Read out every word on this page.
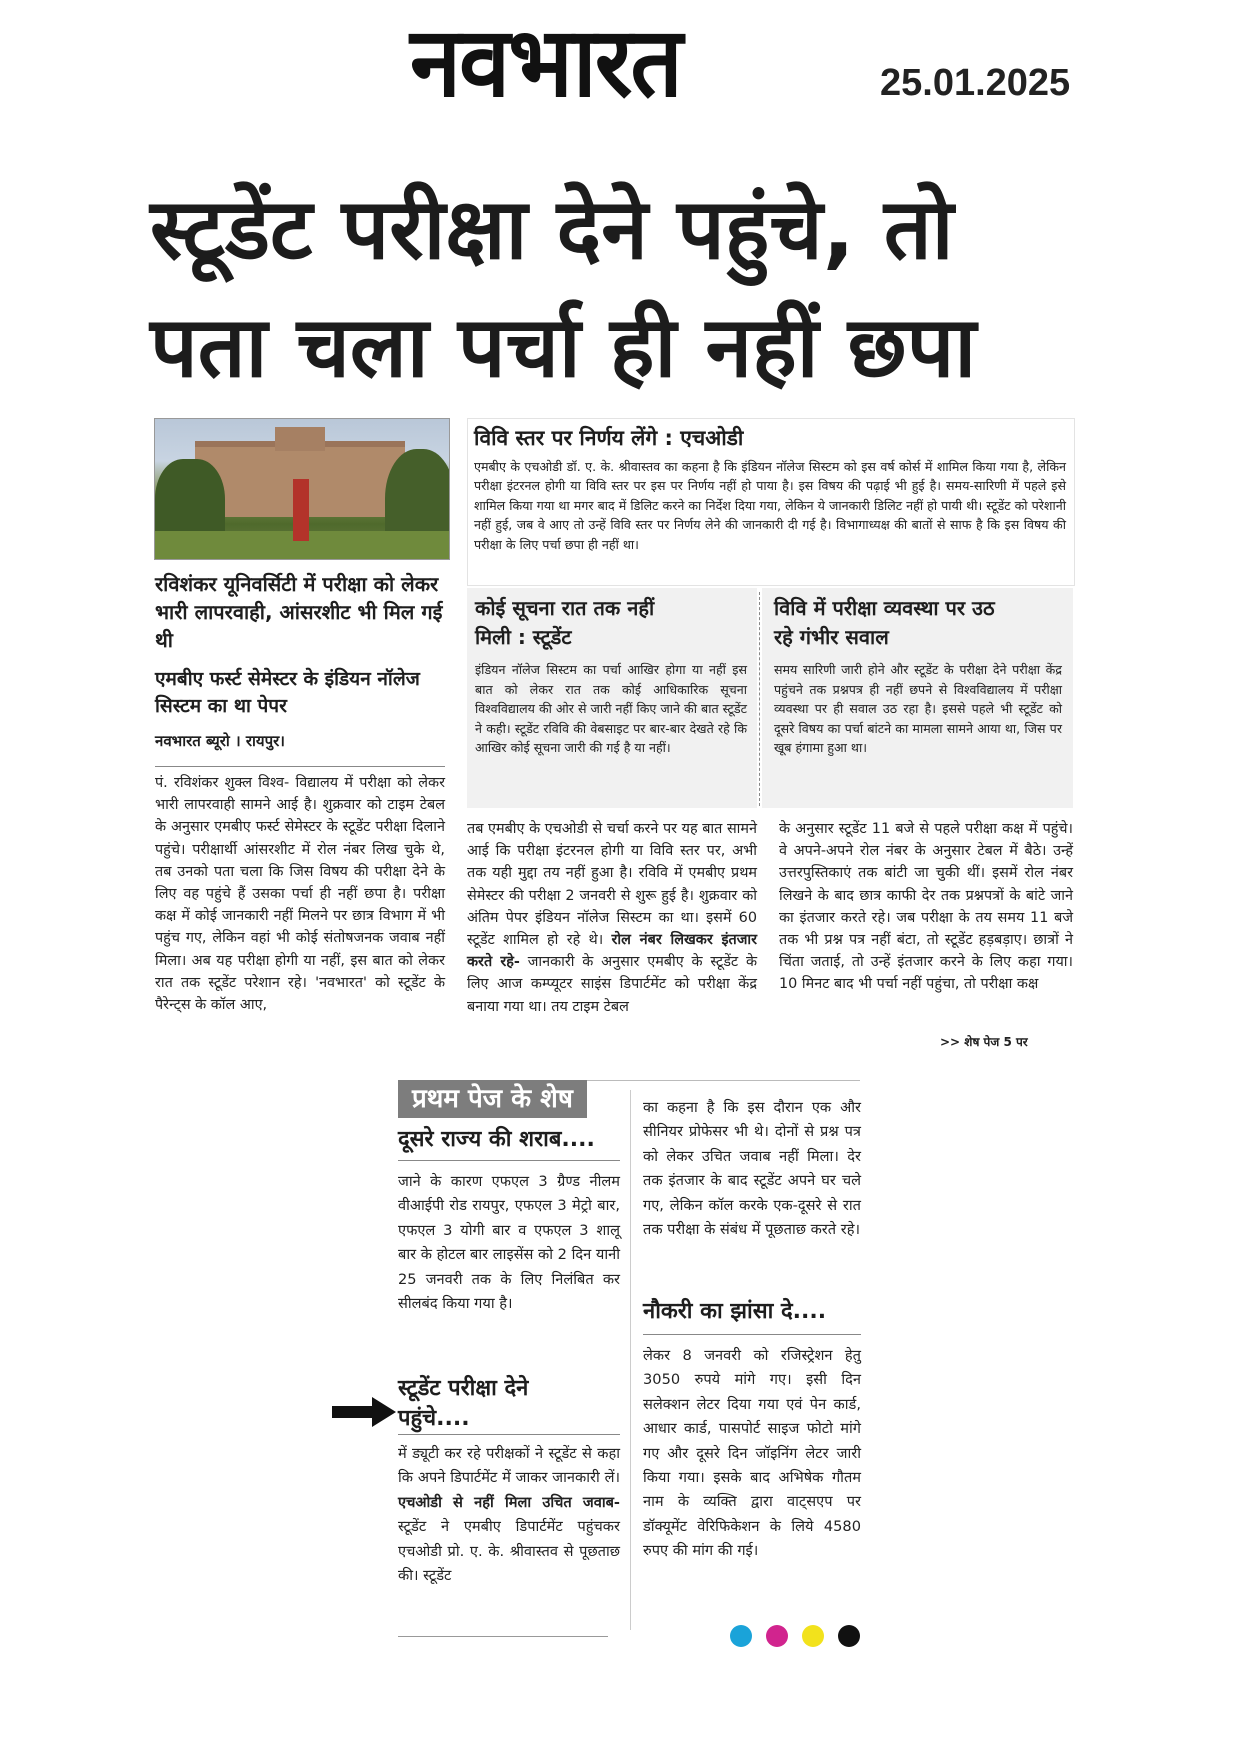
नवभारत	25.01.2025
स्टूडेंट परीक्षा देने पहुंचे, तो
पता चला पर्चा ही नहीं छपा
रविशंकर यूनिवर्सिटी में परीक्षा को लेकर भारी लापरवाही, आंसरशीट भी मिल गई थी
एमबीए फर्स्ट सेमेस्टर के इंडियन नॉलेज सिस्टम का था पेपर
नवभारत ब्यूरो । रायपुर।
विवि स्तर पर निर्णय लेंगे : एचओडी
एमबीए के एचओडी डॉ. ए. के. श्रीवास्तव का कहना है कि इंडियन नॉलेज सिस्टम को इस वर्ष कोर्स में शामिल किया गया है, लेकिन परीक्षा इंटरनल होगी या विवि स्तर पर इस पर निर्णय नहीं हो पाया है। इस विषय की पढ़ाई भी हुई है। समय-सारिणी में पहले इसे शामिल किया गया था मगर बाद में डिलिट करने का निर्देश दिया गया, लेकिन ये जानकारी डिलिट नहीं हो पायी थी। स्टूडेंट को परेशानी नहीं हुई, जब वे आए तो उन्हें विवि स्तर पर निर्णय लेने की जानकारी दी गई है। विभागाध्यक्ष की बातों से साफ है कि इस विषय की परीक्षा के लिए पर्चा छपा ही नहीं था।
कोई सूचना रात तक नहीं मिली : स्टूडेंट
इंडियन नॉलेज सिस्टम का पर्चा आखिर होगा या नहीं इस बात को लेकर रात तक कोई आधिकारिक सूचना विश्वविद्यालय की ओर से जारी नहीं किए जाने की बात स्टूडेंट ने कही। स्टूडेंट रविवि की वेबसाइट पर बार-बार देखते रहे कि आखिर कोई सूचना जारी की गई है या नहीं।
विवि में परीक्षा व्यवस्था पर उठ रहे गंभीर सवाल
समय सारिणी जारी होने और स्टूडेंट के परीक्षा देने परीक्षा केंद्र पहुंचने तक प्रश्नपत्र ही नहीं छपने से विश्वविद्यालय में परीक्षा व्यवस्था पर ही सवाल उठ रहा है। इससे पहले भी स्टूडेंट को दूसरे विषय का पर्चा बांटने का मामला सामने आया था, जिस पर खूब हंगामा हुआ था।
पं. रविशंकर शुक्ल विश्व- विद्यालय में परीक्षा को लेकर भारी लापरवाही सामने आई है। शुक्रवार को टाइम टेबल के अनुसार एमबीए फर्स्ट सेमेस्टर के स्टूडेंट परीक्षा दिलाने पहुंचे। परीक्षार्थी आंसरशीट में रोल नंबर लिख चुके थे, तब उनको पता चला कि जिस विषय की परीक्षा देने के लिए वह पहुंचे हैं उसका पर्चा ही नहीं छपा है। परीक्षा कक्ष में कोई जानकारी नहीं मिलने पर छात्र विभाग में भी पहुंच गए, लेकिन वहां भी कोई संतोषजनक जवाब नहीं मिला। अब यह परीक्षा होगी या नहीं, इस बात को लेकर रात तक स्टूडेंट परेशान रहे। 'नवभारत' को स्टूडेंट के पैरेन्ट्स के कॉल आए,
तब एमबीए के एचओडी से चर्चा करने पर यह बात सामने आई कि परीक्षा इंटरनल होगी या विवि स्तर पर, अभी तक यही मुद्दा तय नहीं हुआ है। रविवि में एमबीए प्रथम सेमेस्टर की परीक्षा 2 जनवरी से शुरू हुई है। शुक्रवार को अंतिम पेपर इंडियन नॉलेज सिस्टम का था। इसमें 60 स्टूडेंट शामिल हो रहे थे। रोल नंबर लिखकर इंतजार करते रहे- जानकारी के अनुसार एमबीए के स्टूडेंट के लिए आज कम्प्यूटर साइंस डिपार्टमेंट को परीक्षा केंद्र बनाया गया था। तय टाइम टेबल
के अनुसार स्टूडेंट 11 बजे से पहले परीक्षा कक्ष में पहुंचे। वे अपने-अपने रोल नंबर के अनुसार टेबल में बैठे। उन्हें उत्तरपुस्तिकाएं तक बांटी जा चुकी थीं। इसमें रोल नंबर लिखने के बाद छात्र काफी देर तक प्रश्नपत्रों के बांटे जाने का इंतजार करते रहे। जब परीक्षा के तय समय 11 बजे तक भी प्रश्न पत्र नहीं बंटा, तो स्टूडेंट हड़बड़ाए। छात्रों ने चिंता जताई, तो उन्हें इंतजार करने के लिए कहा गया। 10 मिनट बाद भी पर्चा नहीं पहुंचा, तो परीक्षा कक्ष
>> शेष पेज 5 पर
प्रथम पेज के शेष
दूसरे राज्य की शराब....
जाने के कारण एफएल 3 ग्रैण्ड नीलम वीआईपी रोड रायपुर, एफएल 3 मेट्रो बार, एफएल 3 योगी बार व एफएल 3 शालू बार के होटल बार लाइसेंस को 2 दिन यानी 25 जनवरी तक के लिए निलंबित कर सीलबंद किया गया है।
स्टूडेंट परीक्षा देने पहुंचे....
में ड्यूटी कर रहे परीक्षकों ने स्टूडेंट से कहा कि अपने डिपार्टमेंट में जाकर जानकारी लें। एचओडी से नहीं मिला उचित जवाब- स्टूडेंट ने एमबीए डिपार्टमेंट पहुंचकर एचओडी प्रो. ए. के. श्रीवास्तव से पूछताछ की। स्टूडेंट
का कहना है कि इस दौरान एक और सीनियर प्रोफेसर भी थे। दोनों से प्रश्न पत्र को लेकर उचित जवाब नहीं मिला। देर तक इंतजार के बाद स्टूडेंट अपने घर चले गए, लेकिन कॉल करके एक-दूसरे से रात तक परीक्षा के संबंध में पूछताछ करते रहे।
नौकरी का झांसा दे....
लेकर 8 जनवरी को रजिस्ट्रेशन हेतु 3050 रुपये मांगे गए। इसी दिन सलेक्शन लेटर दिया गया एवं पेन कार्ड, आधार कार्ड, पासपोर्ट साइज फोटो मांगे गए और दूसरे दिन जॉइनिंग लेटर जारी किया गया। इसके बाद अभिषेक गौतम नाम के व्यक्ति द्वारा वाट्सएप पर डॉक्यूमेंट वेरिफिकेशन के लिये 4580 रुपए की मांग की गई।
